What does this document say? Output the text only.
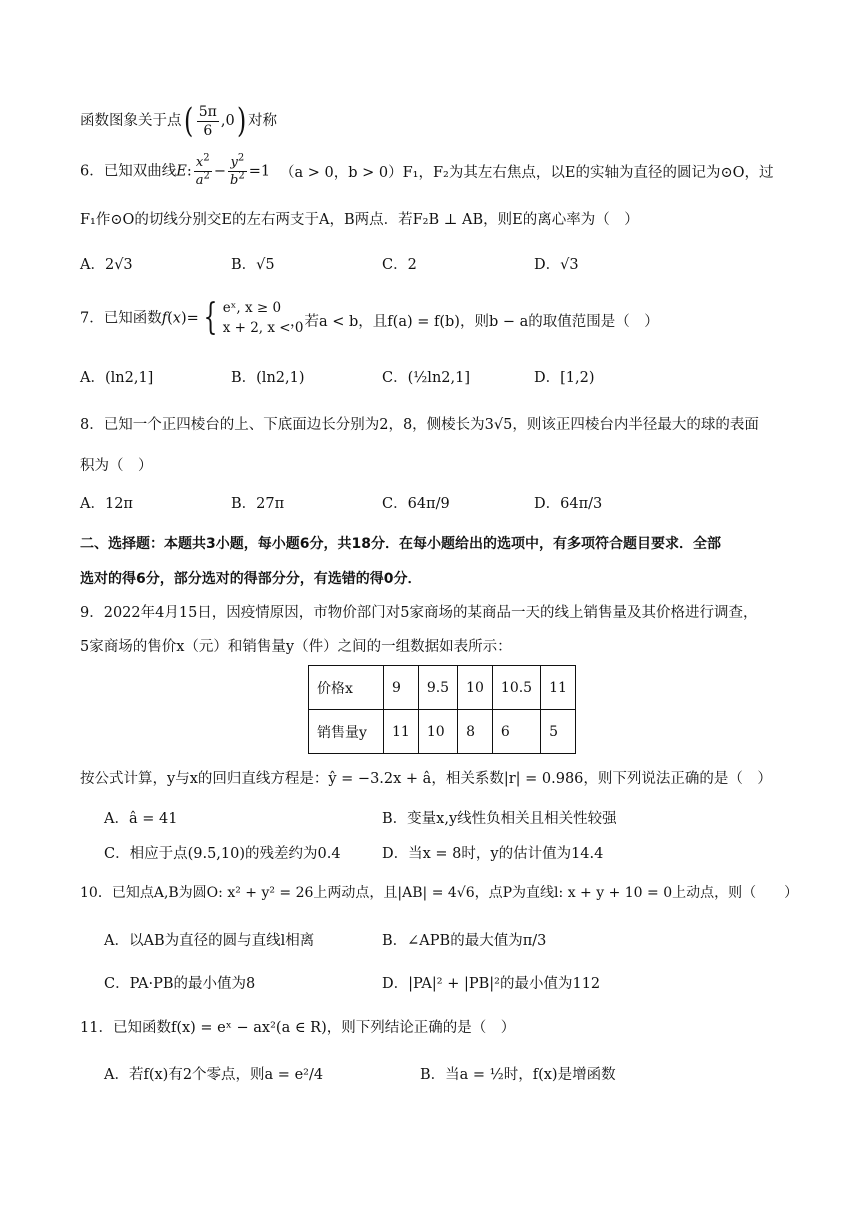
函数图象关于点( $\frac{5\pi}{6} ,0$) 对称
6．已知双曲线E: $\frac{x^2}{a^2} - \frac{y^2}{b^2} =1$ （a > 0，b > 0）F₁，F₂为其左右焦点，以E的实轴为直径的圆记为⊙O，过
F₁作⊙O的切线分别交E的左右两支于A，B两点．若F₂B ⊥ AB，则E的离心率为（　）
A．2√3	B．√5	C．2	D．√3
7．已知函数f(x)= { eˣ, x ≥ 0
x + 2, x < 0
，若a < b，且f(a) = f(b)，则b − a的取值范围是（　）
A．(ln2,1]	B．(ln2,1)	C．(½ln2,1]	D．[1,2)
8．已知一个正四棱台的上、下底面边长分别为2，8，侧棱长为3√5，则该正四棱台内半径最大的球的表面
积为（　）
A．12π	B．27π	C．64π/9	D．64π/3
二、选择题：本题共3小题，每小题6分，共18分．在每小题给出的选项中，有多项符合题目要求．全部
选对的得6分，部分选对的得部分分，有选错的得0分．
9．2022年4月15日，因疫情原因，市物价部门对5家商场的某商品一天的线上销售量及其价格进行调查，
5家商场的售价x（元）和销售量y（件）之间的一组数据如表所示：
价格x	9	9.5	10	10.5	11
销售量y	11	10	8	6	5
按公式计算，y与x的回归直线方程是：ŷ = −3.2x + â，相关系数|r| = 0.986，则下列说法正确的是（　）
A．â = 41	B．变量x,y线性负相关且相关性较强
C．相应于点(9.5,10)的残差约为0.4	D．当x = 8时，y的估计值为14.4
10．已知点A,B为圆O: x² + y² = 26上两动点，且|AB| = 4√6，点P为直线l: x + y + 10 = 0上动点，则（　　）
A．以AB为直径的圆与直线l相离	B．∠APB的最大值为π/3
C．PA·PB的最小值为8	D．|PA|² + |PB|²的最小值为112
11．已知函数f(x) = eˣ − ax²(a ∈ R)，则下列结论正确的是（　）
A．若f(x)有2个零点，则a = e²/4	B．当a = ½时，f(x)是增函数
